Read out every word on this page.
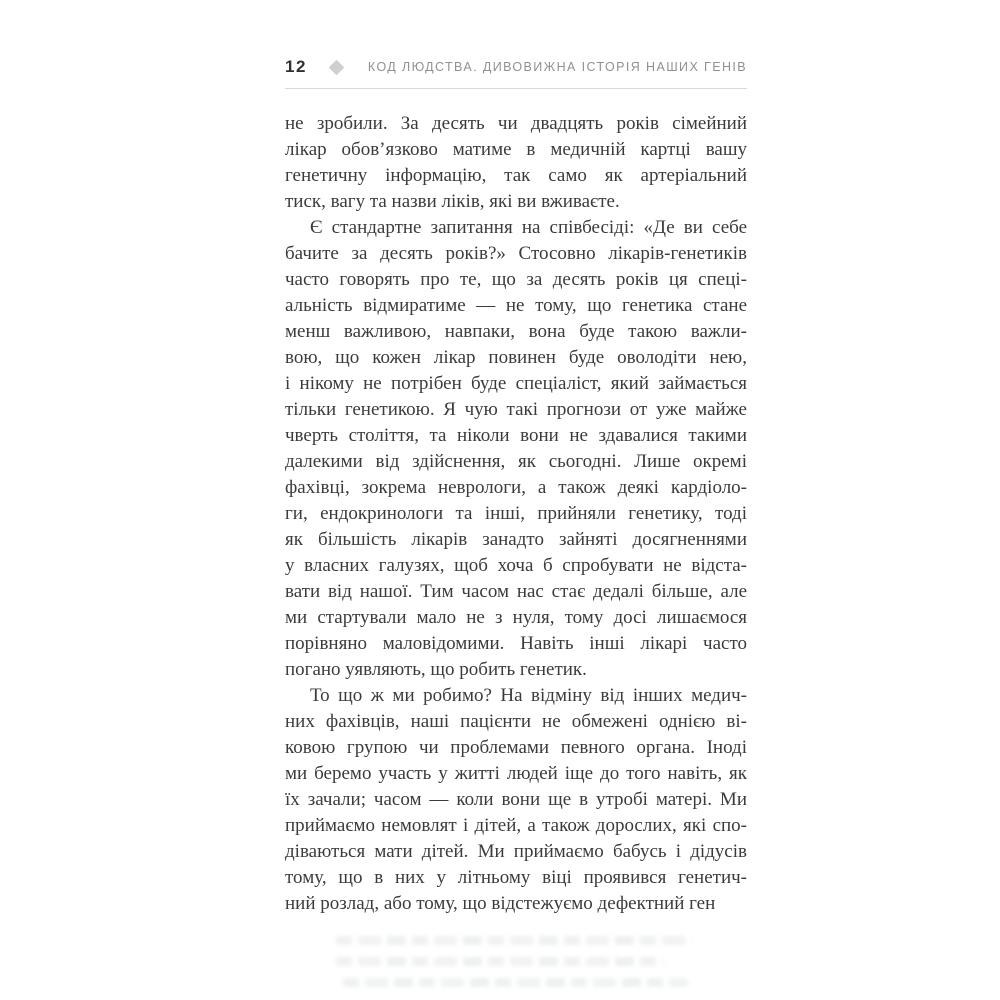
12	КОД ЛЮДСТВА. ДИВОВИЖНА ІСТОРІЯ НАШИХ ГЕНІВ
не зробили. За десять чи двадцять років сімейний
лікар обов’язково матиме в медичній картці вашу
генетичну інформацію, так само як артеріальний
тиск, вагу та назви ліків, які ви вживаєте.
Є стандартне запитання на співбесіді: «Де ви себе
бачите за десять років?» Стосовно лікарів-генетиків
часто говорять про те, що за десять років ця спеці-
альність відмиратиме — не тому, що генетика стане
менш важливою, навпаки, вона буде такою важли-
вою, що кожен лікар повинен буде оволодіти нею,
і нікому не потрібен буде спеціаліст, який займається
тільки генетикою. Я чую такі прогнози от уже майже
чверть століття, та ніколи вони не здавалися такими
далекими від здійснення, як сьогодні. Лише окремі
фахівці, зокрема неврологи, а також деякі кардіоло-
ги, ендокринологи та інші, прийняли генетику, тоді
як більшість лікарів занадто зайняті досягненнями
у власних галузях, щоб хоча б спробувати не відста-
вати від нашої. Тим часом нас стає дедалі більше, але
ми стартували мало не з нуля, тому досі лишаємося
порівняно маловідомими. Навіть інші лікарі часто
погано уявляють, що робить генетик.
То що ж ми робимо? На відміну від інших медич-
них фахівців, наші пацієнти не обмежені однією ві-
ковою групою чи проблемами певного органа. Іноді
ми беремо участь у житті людей іще до того навіть, як
їх зачали; часом — коли вони ще в утробі матері. Ми
приймаємо немовлят і дітей, а також дорослих, які спо-
діваються мати дітей. Ми приймаємо бабусь і дідусів
тому, що в них у літньому віці проявився генетич-
ний розлад, або тому, що відстежуємо дефектний ген
